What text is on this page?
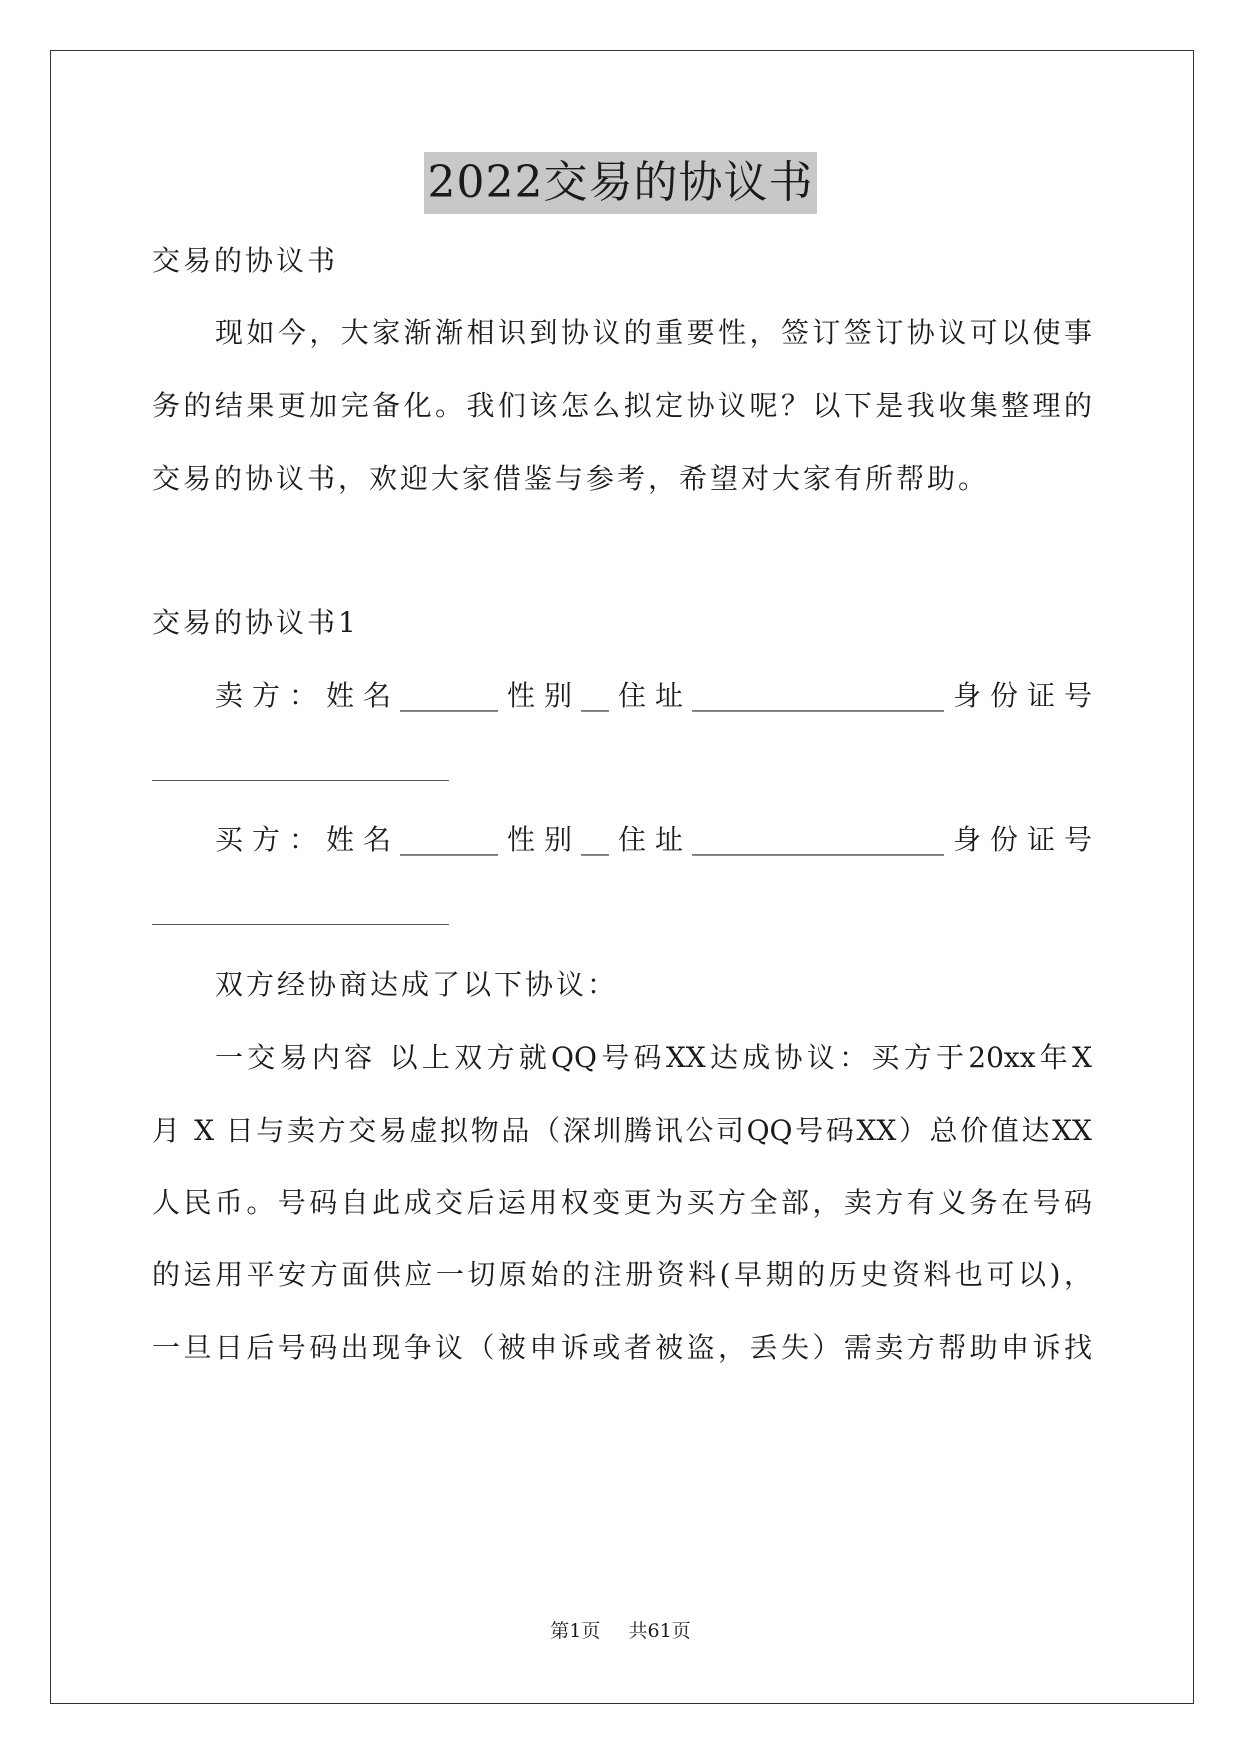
2022交易的协议书
交易的协议书
现如今，大家渐渐相识到协议的重要性，签订签订协议可以使事
务的结果更加完备化。我们该怎么拟定协议呢？以下是我收集整理的
交易的协议书，欢迎大家借鉴与参考，希望对大家有所帮助。
交易的协议书1
卖方：姓名_______性别__住址__________________身份证号
买方：姓名_______性别__住址__________________身份证号
双方经协商达成了以下协议：
一交易内容 以上双方就QQ号码XX达成协议：买方于20xx年X
月 X 日与卖方交易虚拟物品（深圳腾讯公司QQ号码XX）总价值达XX
人民币。号码自此成交后运用权变更为买方全部，卖方有义务在号码
的运用平安方面供应一切原始的注册资料(早期的历史资料也可以)，
一旦日后号码出现争议（被申诉或者被盗，丢失）需卖方帮助申诉找
第1页 共61页
